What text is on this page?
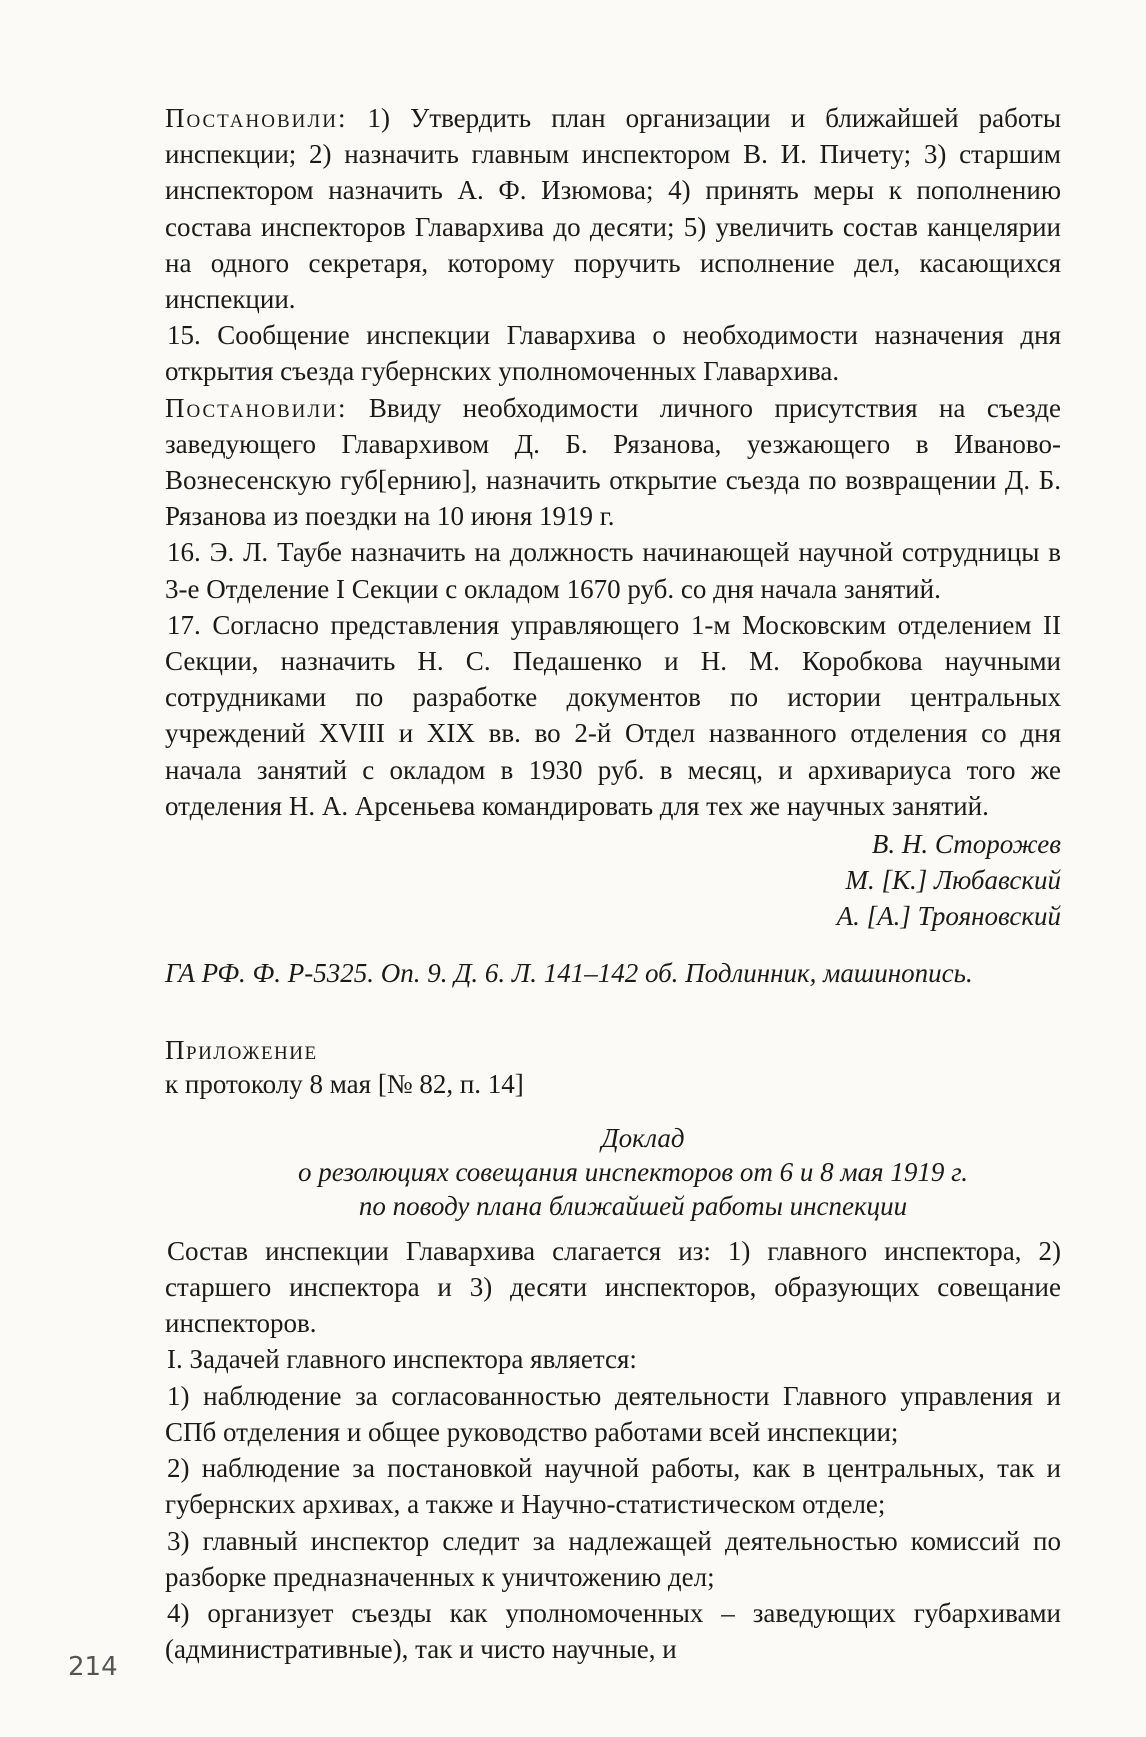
Постановили: 1) Утвердить план организации и ближайшей работы инспекции; 2) назначить главным инспектором В. И. Пичету; 3) старшим инспектором назначить А. Ф. Изюмова; 4) принять меры к пополнению состава инспекторов Главархива до десяти; 5) увеличить состав канцелярии на одного секретаря, которому поручить исполнение дел, касающихся инспекции.

15. Сообщение инспекции Главархива о необходимости назначения дня открытия съезда губернских уполномоченных Главархива.

Постановили: Ввиду необходимости личного присутствия на съезде заведующего Главархивом Д. Б. Рязанова, уезжающего в Иваново-Вознесенскую губ[ернию], назначить открытие съезда по возвращении Д. Б. Рязанова из поездки на 10 июня 1919 г.

16. Э. Л. Таубе назначить на должность начинающей научной сотрудницы в 3-е Отделение I Секции с окладом 1670 руб. со дня начала занятий.

17. Согласно представления управляющего 1-м Московским отделением II Секции, назначить Н. С. Педашенко и Н. М. Коробкова научными сотрудниками по разработке документов по истории центральных учреждений XVIII и XIX вв. во 2-й Отдел названного отделения со дня начала занятий с окладом в 1930 руб. в месяц, и архивариуса того же отделения Н. А. Арсеньева командировать для тех же научных занятий.

В. Н. Сторожев

М. [К.] Любавский

А. [А.] Трояновский

ГА РФ. Ф. Р-5325. Оп. 9. Д. 6. Л. 141–142 об. Подлинник, машинопись.

Приложение
к протоколу 8 мая [№ 82, п. 14]
Доклад
о резолюциях совещания инспекторов от 6 и 8 мая 1919 г.
по поводу плана ближайшей работы инспекции

Состав инспекции Главархива слагается из: 1) главного инспектора, 2) старшего инспектора и 3) десяти инспекторов, образующих совещание инспекторов.

I. Задачей главного инспектора является:

1) наблюдение за согласованностью деятельности Главного управления и СПб отделения и общее руководство работами всей инспекции;

2) наблюдение за постановкой научной работы, как в центральных, так и губернских архивах, а также и Научно-статистическом отделе;

3) главный инспектор следит за надлежащей деятельностью комиссий по разборке предназначенных к уничтожению дел;

4) организует съезды как уполномоченных – заведующих губархивами (административные), так и чисто научные, и

214
